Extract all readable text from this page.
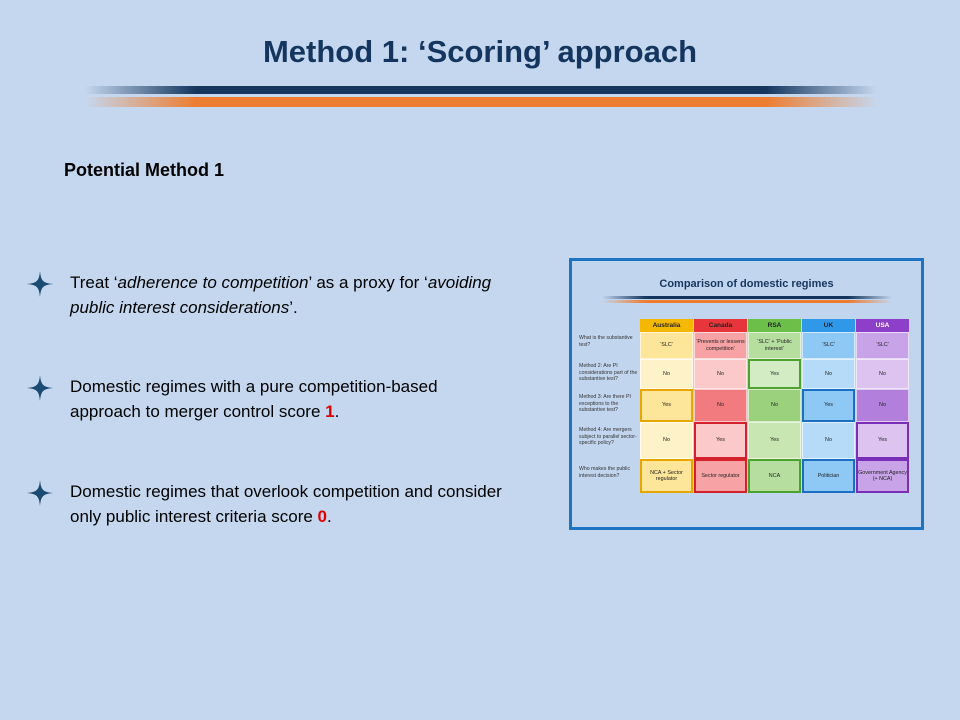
Method 1: ‘Scoring’ approach
Potential Method 1
Treat ‘adherence to competition’ as a proxy for ‘avoiding public interest considerations’.
Domestic regimes with a pure competition-based approach to merger control score 1.
Domestic regimes that overlook competition and consider only public interest criteria score 0.
Comparison of domestic regimes
What is the substantive test?
Method 2: Are PI considerations part of the substantive test?
Method 3: Are there PI exceptions to the substantive test?
Method 4: Are mergers subject to parallel sector-specific policy?
Who makes the public interest decision?
Australia
‘SLC’
No
Yes
No
NCA + Sector regulator
Canada
‘Prevents or lessens competition’
No
No
Yes
Sector regulator
RSA
‘SLC’ + ‘Public interest’
Yes
No
Yes
NCA
UK
‘SLC’
No
Yes
No
Politician
USA
‘SLC’
No
No
Yes
Government Agency (+ NCA)
